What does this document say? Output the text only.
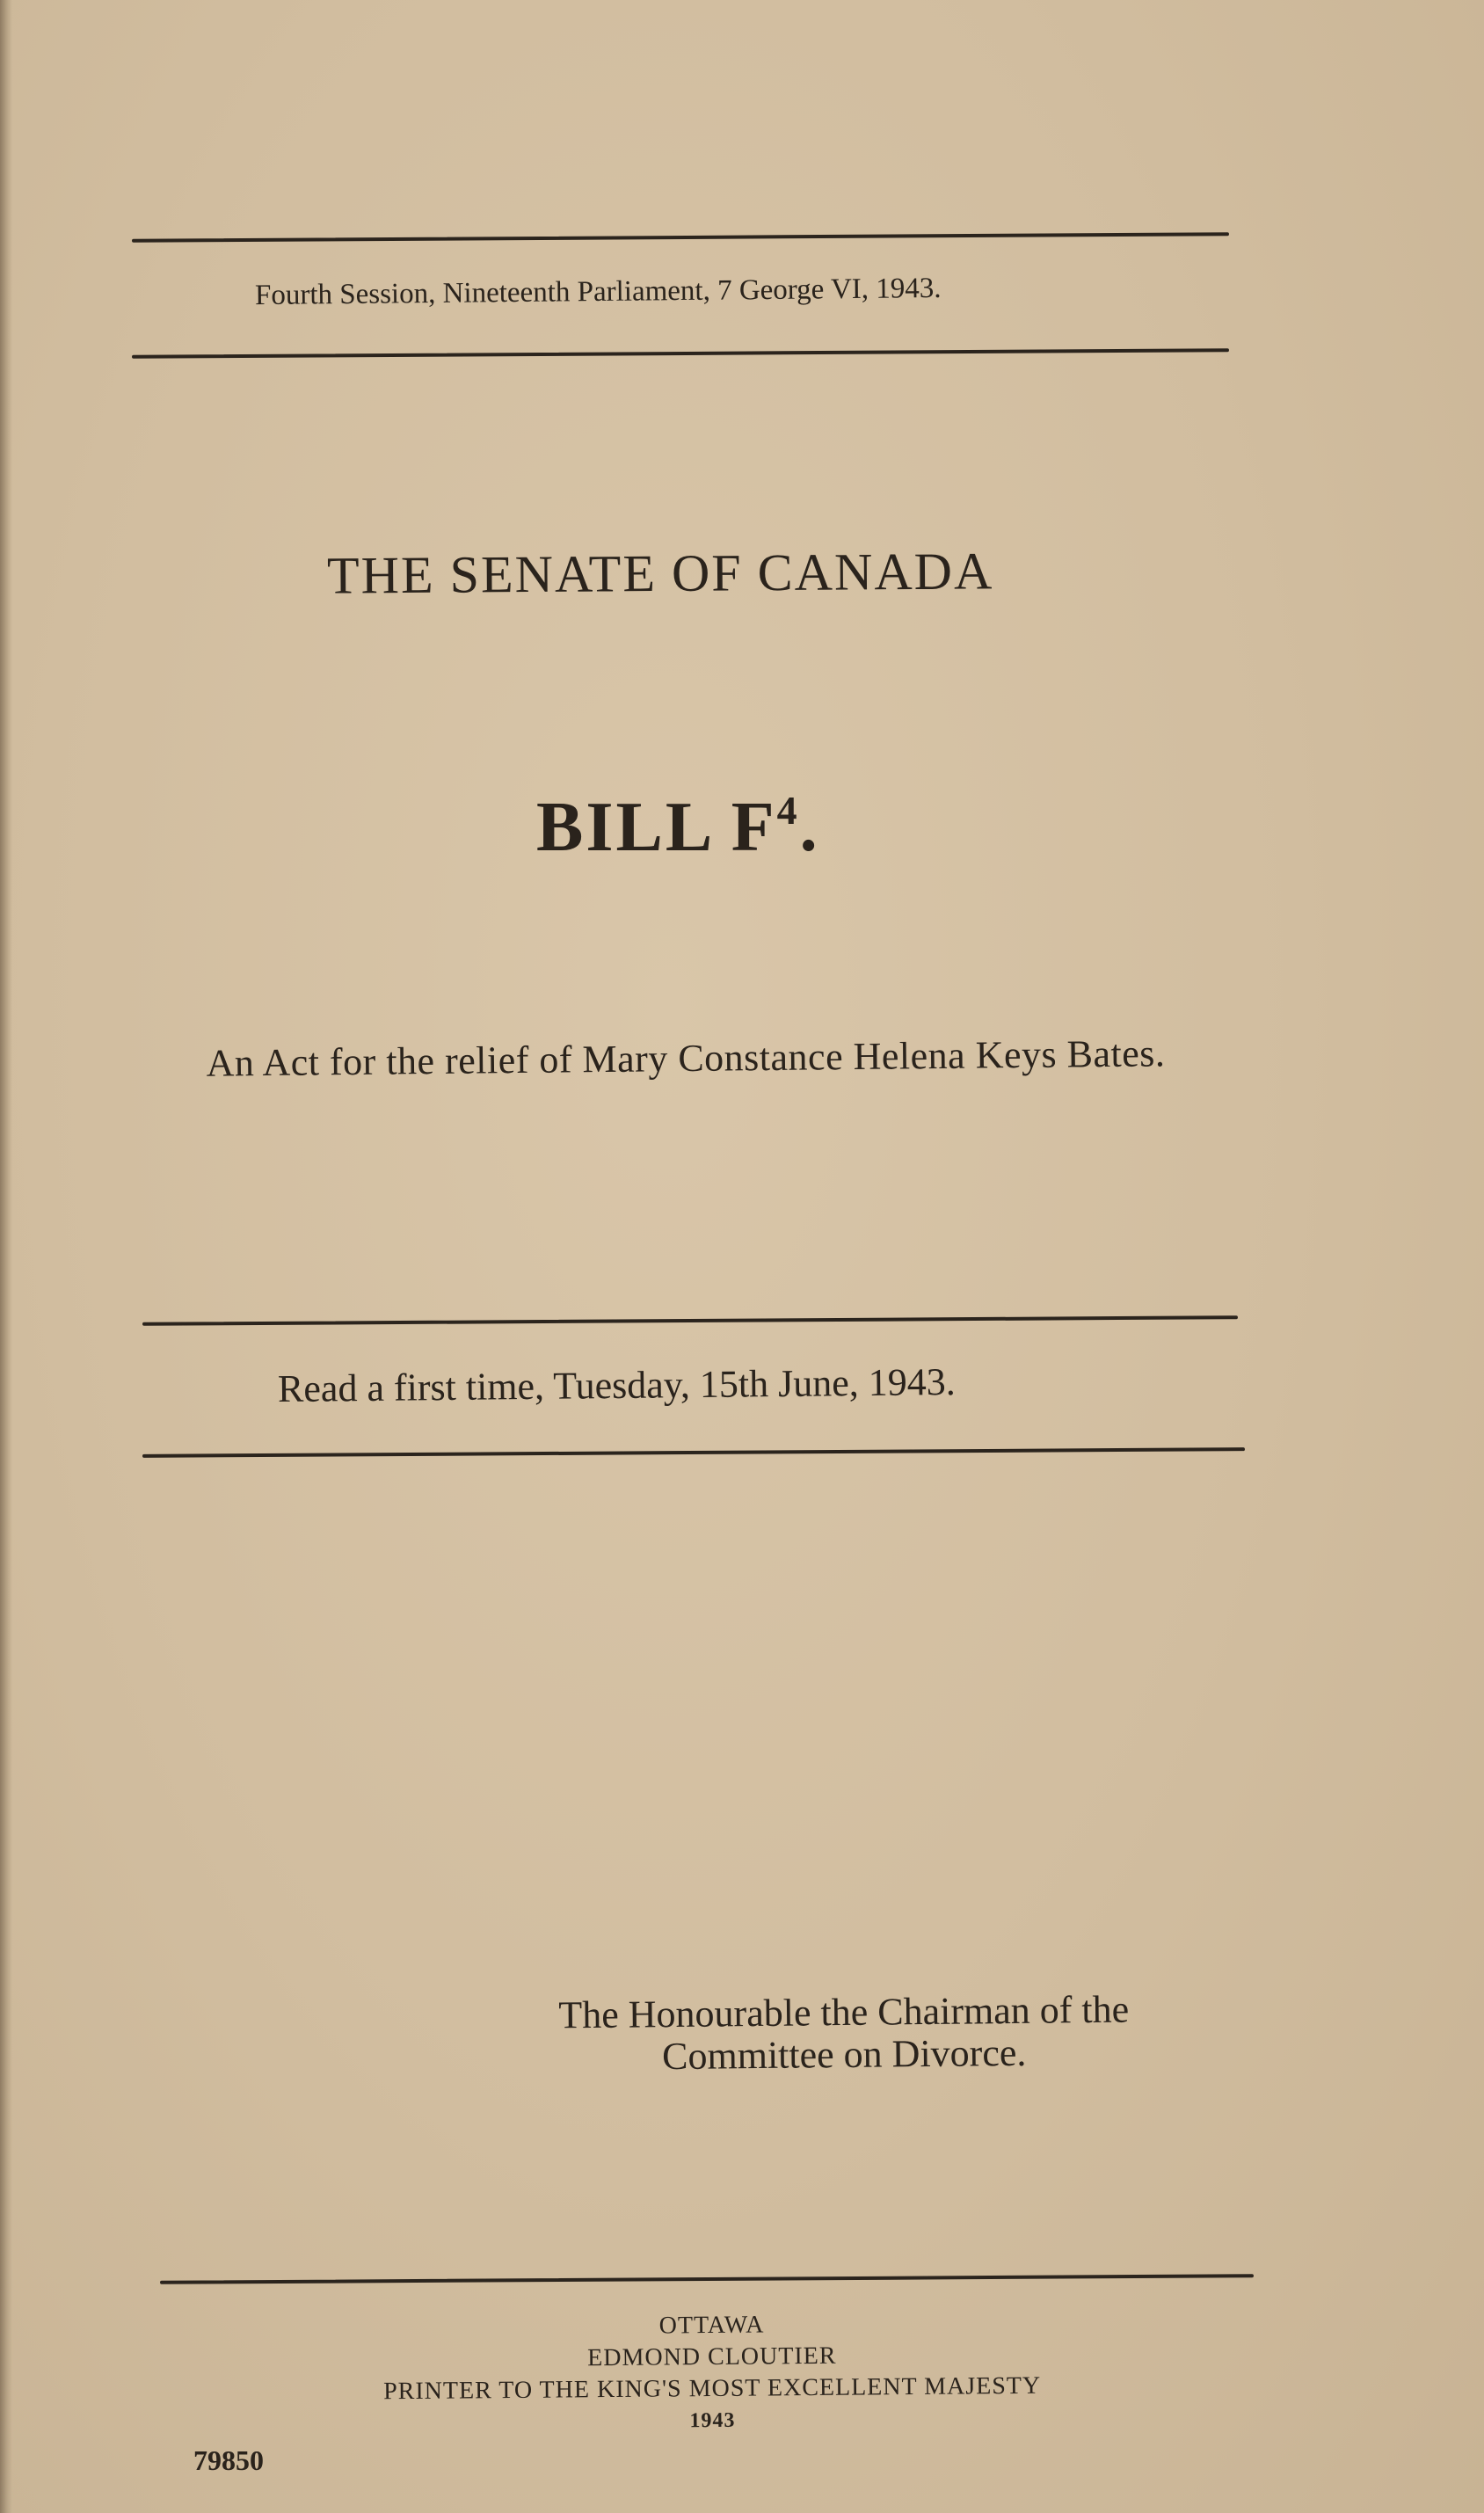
Fourth Session, Nineteenth Parliament, 7 George VI, 1943.
THE SENATE OF CANADA
BILL $F^4$.
An Act for the relief of Mary Constance Helena Keys Bates.
Read a first time, Tuesday, 15th June, 1943.
The Honourable the Chairman of the
Committee on Divorce.
OTTAWA
EDMOND CLOUTIER
PRINTER TO THE KING'S MOST EXCELLENT MAJESTY
1943
79850
